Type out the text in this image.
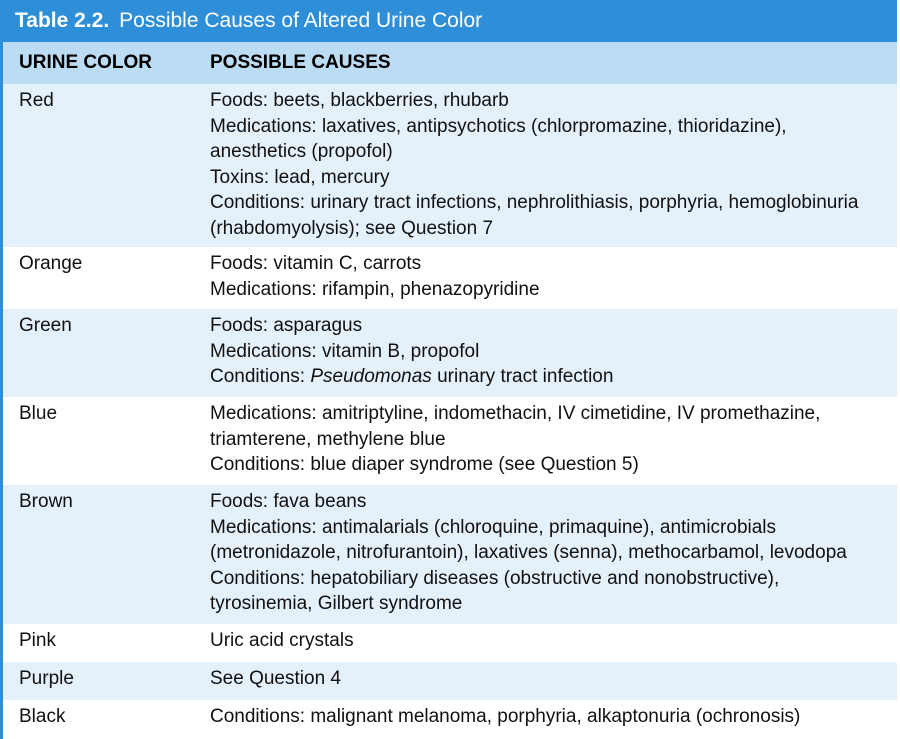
Table 2.2. Possible Causes of Altered Urine Color
URINE COLOR	POSSIBLE CAUSES
Red	Foods: beets, blackberries, rhubarb
Medications: laxatives, antipsychotics (chlorpromazine, thioridazine),
anesthetics (propofol)
Toxins: lead, mercury
Conditions: urinary tract infections, nephrolithiasis, porphyria, hemoglobinuria
(rhabdomyolysis); see Question 7
Orange	Foods: vitamin C, carrots
Medications: rifampin, phenazopyridine
Green	Foods: asparagus
Medications: vitamin B, propofol
Conditions: Pseudomonas urinary tract infection
Blue	Medications: amitriptyline, indomethacin, IV cimetidine, IV promethazine,
triamterene, methylene blue
Conditions: blue diaper syndrome (see Question 5)
Brown	Foods: fava beans
Medications: antimalarials (chloroquine, primaquine), antimicrobials
(metronidazole, nitrofurantoin), laxatives (senna), methocarbamol, levodopa
Conditions: hepatobiliary diseases (obstructive and nonobstructive),
tyrosinemia, Gilbert syndrome
Pink	Uric acid crystals
Purple	See Question 4
Black	Conditions: malignant melanoma, porphyria, alkaptonuria (ochronosis)
